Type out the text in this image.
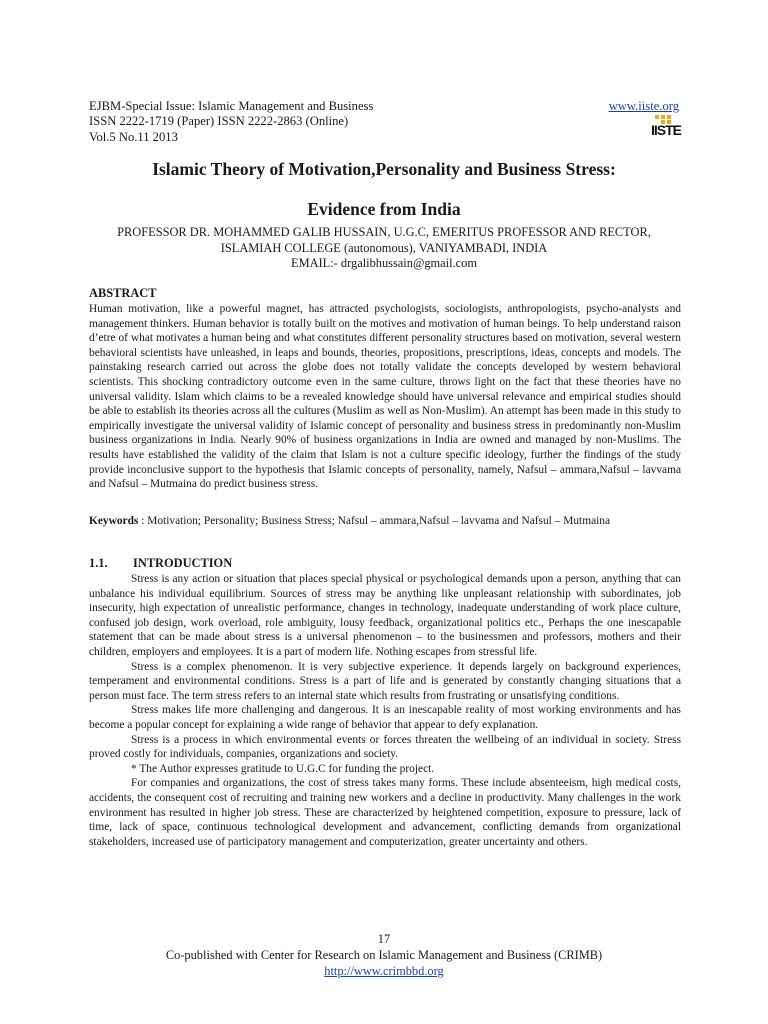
EJBM-Special Issue: Islamic Management and Business
ISSN 2222-1719 (Paper) ISSN 2222-2863 (Online)
Vol.5 No.11 2013
www.iiste.org
IISTE
Islamic Theory of Motivation,Personality and Business Stress:
Evidence from India
PROFESSOR DR. MOHAMMED GALIB HUSSAIN, U.G.C, EMERITUS PROFESSOR AND RECTOR,
ISLAMIAH COLLEGE (autonomous), VANIYAMBADI, INDIA
EMAIL:- drgalibhussain@gmail.com
ABSTRACT
Human motivation, like a powerful magnet, has attracted psychologists, sociologists, anthropologists, psycho-analysts and management thinkers. Human behavior is totally built on the motives and motivation of human beings. To help understand raison d’etre of what motivates a human being and what constitutes different personality structures based on motivation, several western behavioral scientists have unleashed, in leaps and bounds, theories, propositions, prescriptions, ideas, concepts and models. The painstaking research carried out across the globe does not totally validate the concepts developed by western behavioral scientists. This shocking contradictory outcome even in the same culture, throws light on the fact that these theories have no universal validity. Islam which claims to be a revealed knowledge should have universal relevance and empirical studies should be able to establish its theories across all the cultures (Muslim as well as Non-Muslim). An attempt has been made in this study to empirically investigate the universal validity of Islamic concept of personality and business stress in predominantly non-Muslim business organizations in India. Nearly 90% of business organizations in India are owned and managed by non-Muslims. The results have established the validity of the claim that Islam is not a culture specific ideology, further the findings of the study provide inconclusive support to the hypothesis that Islamic concepts of personality, namely, Nafsul – ammara,Nafsul – lavvama and Nafsul – Mutmaina do predict business stress.
Keywords : Motivation; Personality; Business Stress; Nafsul – ammara,Nafsul – lavvama and Nafsul – Mutmaina
1.1. INTRODUCTION

Stress is any action or situation that places special physical or psychological demands upon a person, anything that can unbalance his individual equilibrium. Sources of stress may be anything like unpleasant relationship with subordinates, job insecurity, high expectation of unrealistic performance, changes in technology, inadequate understanding of work place culture, confused job design, work overload, role ambiguity, lousy feedback, organizational politics etc., Perhaps the one inescapable statement that can be made about stress is a universal phenomenon – to the businessmen and professors, mothers and their children, employers and employees. It is a part of modern life. Nothing escapes from stressful life.

Stress is a complex phenomenon. It is very subjective experience. It depends largely on background experiences, temperament and environmental conditions. Stress is a part of life and is generated by constantly changing situations that a person must face. The term stress refers to an internal state which results from frustrating or unsatisfying conditions.

Stress makes life more challenging and dangerous. It is an inescapable reality of most working environments and has become a popular concept for explaining a wide range of behavior that appear to defy explanation.

Stress is a process in which environmental events or forces threaten the wellbeing of an individual in society. Stress proved costly for individuals, companies, organizations and society.

* The Author expresses gratitude to U.G.C for funding the project.

For companies and organizations, the cost of stress takes many forms. These include absenteeism, high medical costs, accidents, the consequent cost of recruiting and training new workers and a decline in productivity. Many challenges in the work environment has resulted in higher job stress. These are characterized by heightened competition, exposure to pressure, lack of time, lack of space, continuous technological development and advancement, conflicting demands from organizational stakeholders, increased use of participatory management and computerization, greater uncertainty and others.

17
Co-published with Center for Research on Islamic Management and Business (CRIMB)
http://www.crimbbd.org
